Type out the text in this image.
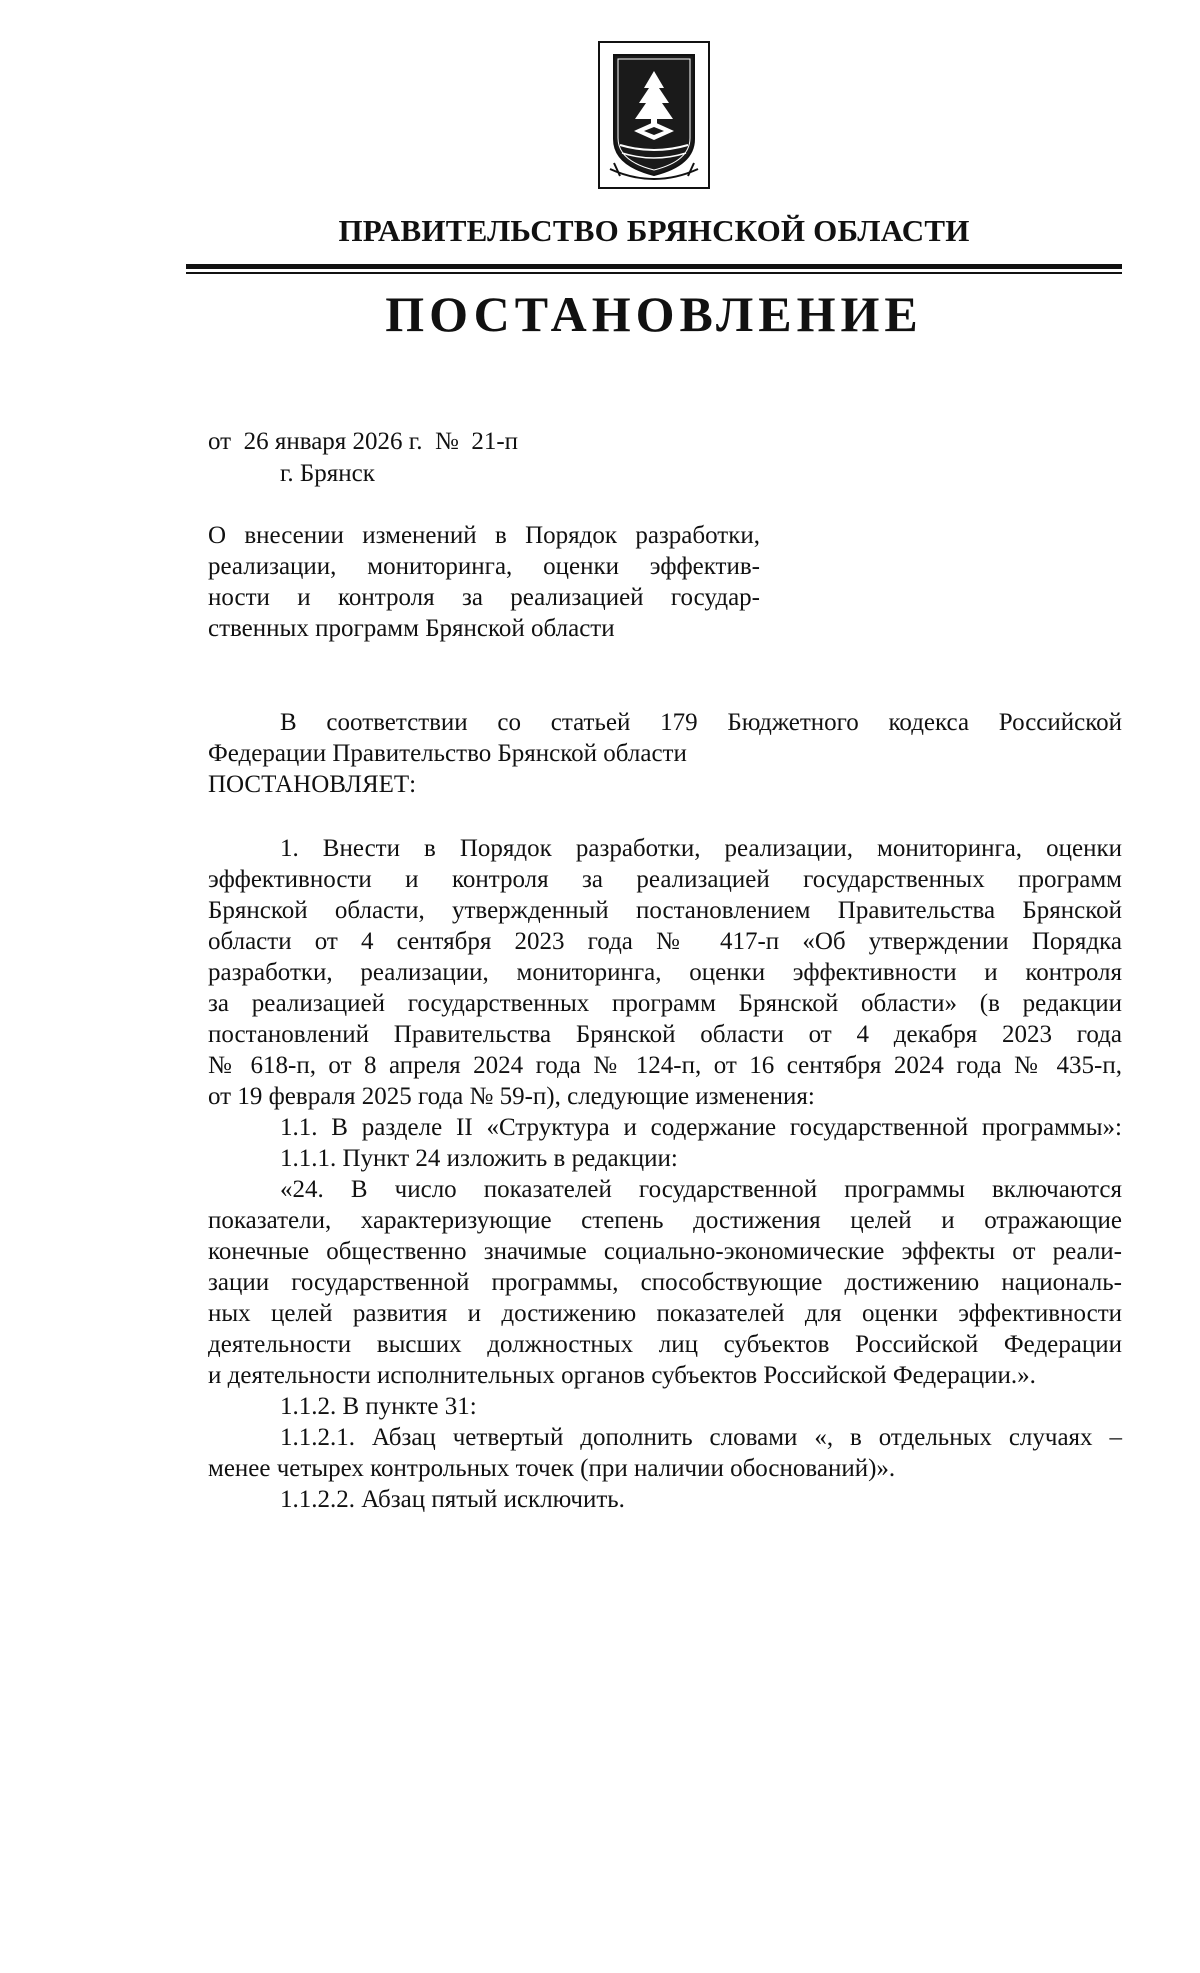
ПРАВИТЕЛЬСТВО БРЯНСКОЙ ОБЛАСТИ
ПОСТАНОВЛЕНИЕ
от  26 января 2026 г.  №  21-п
г. Брянск
О внесении изменений в Порядок разработки,
реализации, мониторинга, оценки эффектив-
ности и контроля за реализацией государ-
ственных программ Брянской области
В соответствии со статьей 179 Бюджетного кодекса Российской
Федерации Правительство Брянской области
ПОСТАНОВЛЯЕТ:
1. Внести в Порядок разработки, реализации, мониторинга, оценки
эффективности и контроля за реализацией государственных программ
Брянской области, утвержденный постановлением Правительства Брянской
области от 4 сентября 2023 года № 417-п «Об утверждении Порядка
разработки, реализации, мониторинга, оценки эффективности и контроля
за реализацией государственных программ Брянской области» (в редакции
постановлений Правительства Брянской области от 4 декабря 2023 года
№ 618-п, от 8 апреля 2024 года № 124-п, от 16 сентября 2024 года № 435-п,
от 19 февраля 2025 года № 59-п), следующие изменения:
1.1. В разделе II «Структура и содержание государственной программы»:
1.1.1. Пункт 24 изложить в редакции:
«24. В число показателей государственной программы включаются
показатели, характеризующие степень достижения целей и отражающие
конечные общественно значимые социально-экономические эффекты от реали-
зации государственной программы, способствующие достижению националь-
ных целей развития и достижению показателей для оценки эффективности
деятельности высших должностных лиц субъектов Российской Федерации
и деятельности исполнительных органов субъектов Российской Федерации.».
1.1.2. В пункте 31:
1.1.2.1. Абзац четвертый дополнить словами «, в отдельных случаях –
менее четырех контрольных точек (при наличии обоснований)».
1.1.2.2. Абзац пятый исключить.
